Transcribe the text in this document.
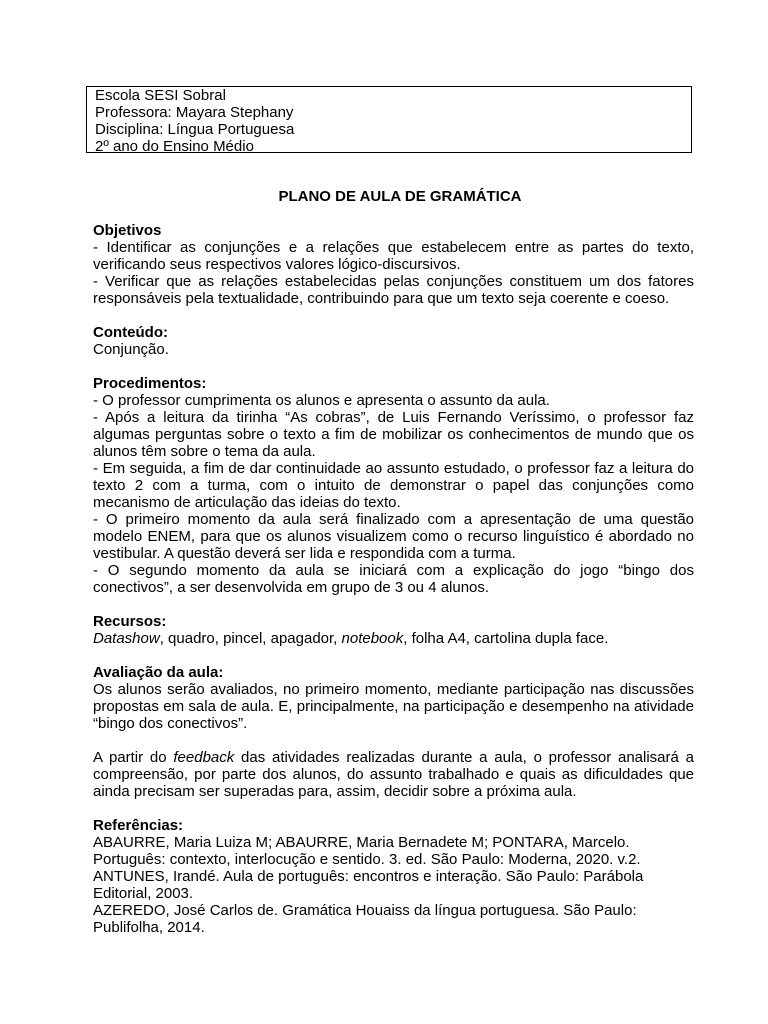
Escola SESI Sobral
Professora: Mayara Stephany
Disciplina: Língua Portuguesa
2º ano do Ensino Médio
PLANO DE AULA DE GRAMÁTICA

Objetivos

- Identificar as conjunções e a relações que estabelecem entre as partes do texto, verificando seus respectivos valores lógico-discursivos.

- Verificar que as relações estabelecidas pelas conjunções constituem um dos fatores responsáveis pela textualidade, contribuindo para que um texto seja coerente e coeso.

Conteúdo:

Conjunção.

Procedimentos:

- O professor cumprimenta os alunos e apresenta o assunto da aula.

- Após a leitura da tirinha “As cobras”, de Luis Fernando Veríssimo, o professor faz algumas perguntas sobre o texto a fim de mobilizar os conhecimentos de mundo que os alunos têm sobre o tema da aula.

- Em seguida, a fim de dar continuidade ao assunto estudado, o professor faz a leitura do texto 2 com a turma, com o intuito de demonstrar o papel das conjunções como mecanismo de articulação das ideias do texto.

- O primeiro momento da aula será finalizado com a apresentação de uma questão modelo ENEM, para que os alunos visualizem como o recurso linguístico é abordado no vestibular. A questão deverá ser lida e respondida com a turma.

- O segundo momento da aula se iniciará com a explicação do jogo “bingo dos conectivos”, a ser desenvolvida em grupo de 3 ou 4 alunos.

Recursos:

Datashow, quadro, pincel, apagador, notebook, folha A4, cartolina dupla face.

Avaliação da aula:

Os alunos serão avaliados, no primeiro momento, mediante participação nas discussões propostas em sala de aula. E, principalmente, na participação e desempenho na atividade “bingo dos conectivos”.

A partir do feedback das atividades realizadas durante a aula, o professor analisará a compreensão, por parte dos alunos, do assunto trabalhado e quais as dificuldades que ainda precisam ser superadas para, assim, decidir sobre a próxima aula.

Referências:

ABAURRE, Maria Luiza M; ABAURRE, Maria Bernadete M; PONTARA, Marcelo.

Português: contexto, interlocução e sentido. 3. ed. São Paulo: Moderna, 2020. v.2.

ANTUNES, Irandé. Aula de português: encontros e interação. São Paulo: Parábola

Editorial, 2003.

AZEREDO, José Carlos de. Gramática Houaiss da língua portuguesa. São Paulo:

Publifolha, 2014.
